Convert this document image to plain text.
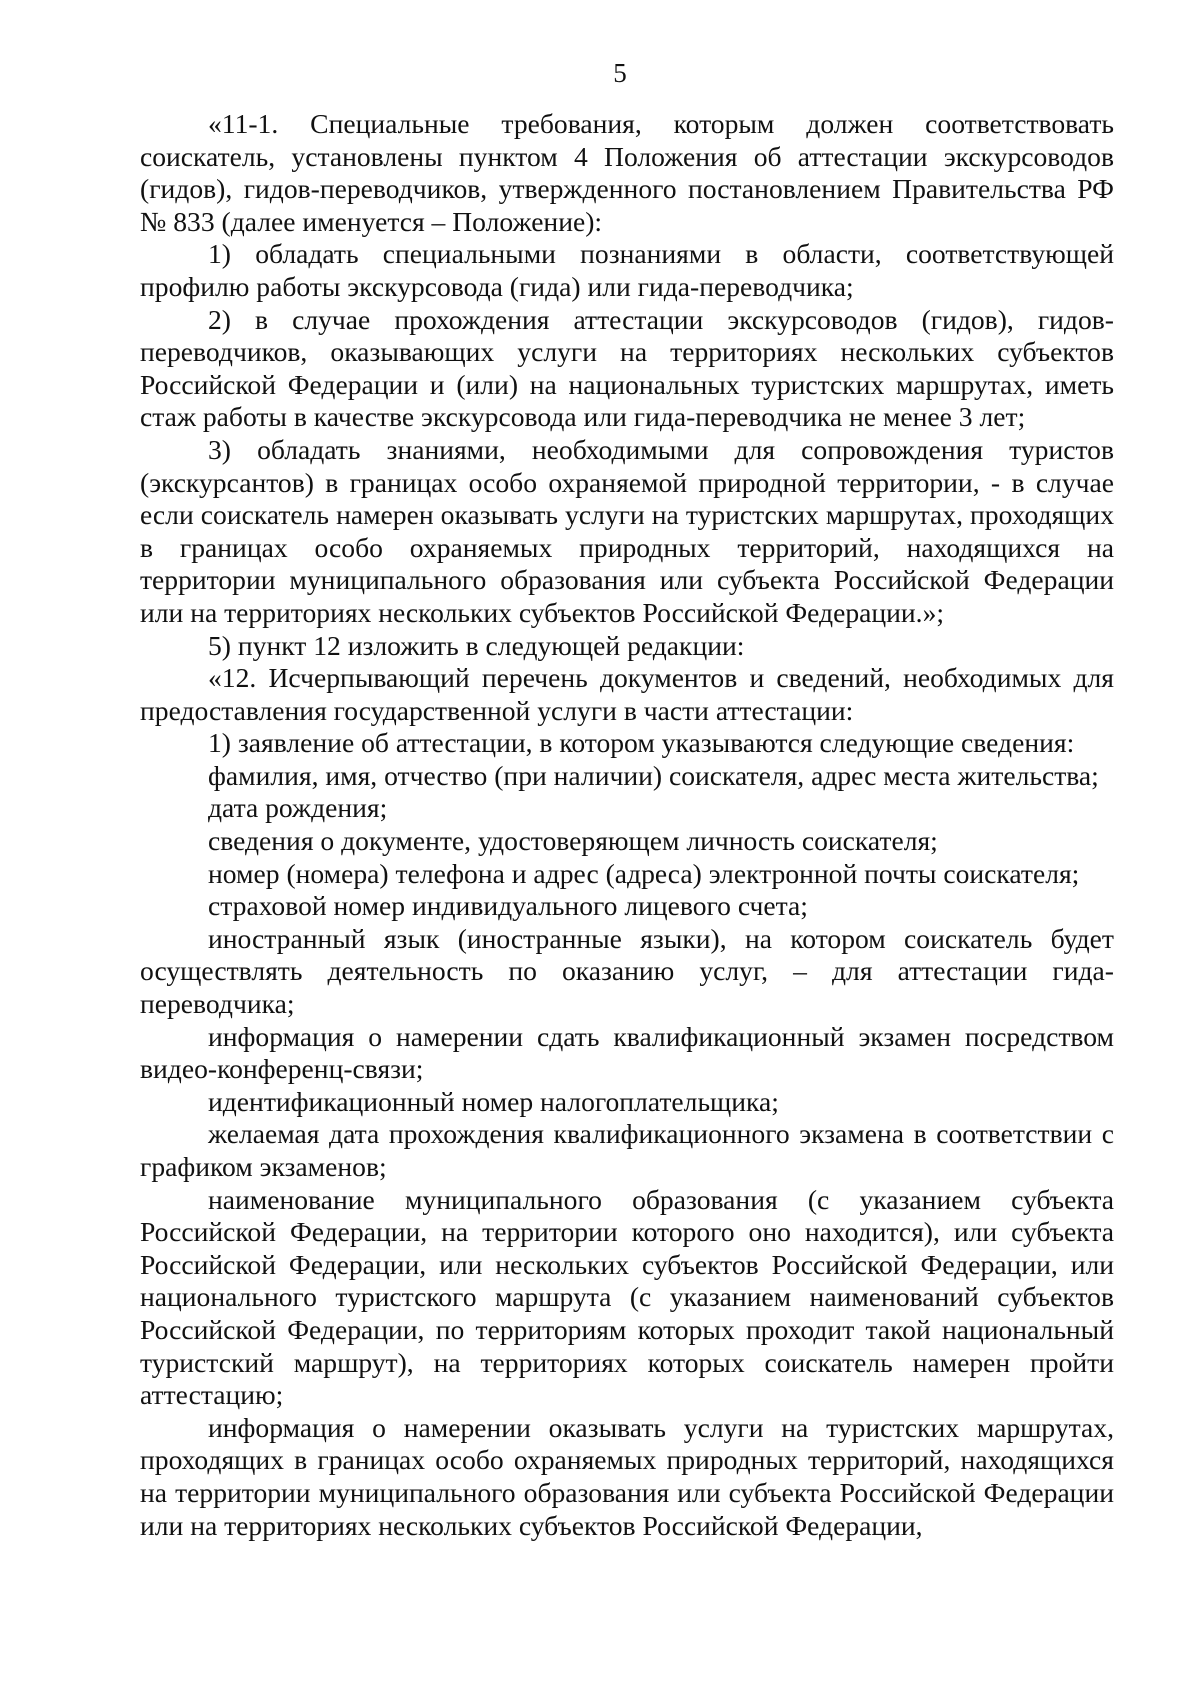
5

«11-1. Специальные требования, которым должен соответствовать соискатель, установлены пунктом 4 Положения об аттестации экскурсоводов (гидов), гидов-переводчиков, утвержденного постановлением Правительства РФ № 833 (далее именуется – Положение):

1) обладать специальными познаниями в области, соответствующей профилю работы экскурсовода (гида) или гида-переводчика;

2) в случае прохождения аттестации экскурсоводов (гидов), гидов-переводчиков, оказывающих услуги на территориях нескольких субъектов Российской Федерации и (или) на национальных туристских маршрутах, иметь стаж работы в качестве экскурсовода или гида-переводчика не менее 3 лет;

3) обладать знаниями, необходимыми для сопровождения туристов (экскурсантов) в границах особо охраняемой природной территории, - в случае если соискатель намерен оказывать услуги на туристских маршрутах, проходящих в границах особо охраняемых природных территорий, находящихся на территории муниципального образования или субъекта Российской Федерации или на территориях нескольких субъектов Российской Федерации.»;

5) пункт 12 изложить в следующей редакции:

«12. Исчерпывающий перечень документов и сведений, необходимых для предоставления государственной услуги в части аттестации:

1) заявление об аттестации, в котором указываются следующие сведения:

фамилия, имя, отчество (при наличии) соискателя, адрес места жительства;

дата рождения;

сведения о документе, удостоверяющем личность соискателя;

номер (номера) телефона и адрес (адреса) электронной почты соискателя;

страховой номер индивидуального лицевого счета;

иностранный язык (иностранные языки), на котором соискатель будет осуществлять деятельность по оказанию услуг, – для аттестации гида-переводчика;

информация о намерении сдать квалификационный экзамен посредством видео-конференц-связи;

идентификационный номер налогоплательщика;

желаемая дата прохождения квалификационного экзамена в соответствии с графиком экзаменов;

наименование муниципального образования (с указанием субъекта Российской Федерации, на территории которого оно находится), или субъекта Российской Федерации, или нескольких субъектов Российской Федерации, или национального туристского маршрута (с указанием наименований субъектов Российской Федерации, по территориям которых проходит такой национальный туристский маршрут), на территориях которых соискатель намерен пройти аттестацию;

информация о намерении оказывать услуги на туристских маршрутах, проходящих в границах особо охраняемых природных территорий, находящихся на территории муниципального образования или субъекта Российской Федерации или на территориях нескольких субъектов Российской Федерации,
